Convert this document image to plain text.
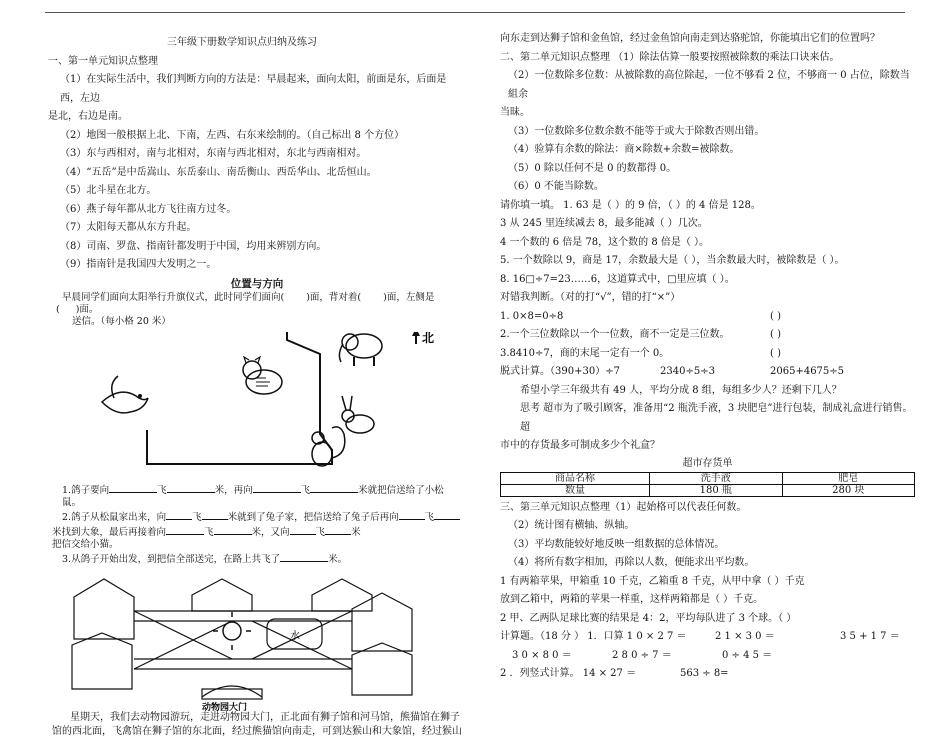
三年级下册数学知识点归纳及练习
一、第一单元知识点整理
（1）在实际生活中，我们判断方向的方法是：早晨起来，面向太阳，前面是东，后面是西，左边
是北，右边是南。
（2）地图一般根据上北、下南，左西、右东来绘制的。（自己标出 8 个方位）
（3）东与西相对，南与北相对，东南与西北相对，东北与西南相对。
（4）“五岳”是中岳嵩山、东岳泰山、南岳衡山、西岳华山、北岳恒山。
（5）北斗星在北方。
（6）燕子每年都从北方飞往南方过冬。
（7）太阳每天都从东方升起。
（8）司南、罗盘、指南针都发明于中国，均用来辨别方向。
（9）指南针是我国四大发明之一。
位置与方向
早晨同学们面向太阳举行升旗仪式，此时同学们面向( )面，背对着( )面，左侧是
( )面。
送信。（每小格 20 米）
北
1.鸽子要向	飞	米，再向	飞	米就把信送给了小松鼠。
2.鸽子从松鼠家出来，向	飞	米就到了兔子家，把信送给了兔子后再向	飞
米找到大象，最后再接着向	飞	米，又向	飞	米
把信交给小猫。
3.从鸽子开始出发，到把信全部送完，在路上共飞了	米。
水
动物园大门
星期天，我们去动物园游玩，走进动物园大门，正北面有狮子馆和河马馆，熊猫馆在狮子
馆的西北面，飞禽馆在狮子馆的东北面，经过熊猫馆向南走，可到达猴山和大象馆，经过猴山
向东走到达狮子馆和金鱼馆，经过金鱼馆向南走到达骆驼馆，你能填出它们的位置吗？
二、第二单元知识点整理 （1）除法估算一般要按照被除数的乘法口诀来估。
（2）一位数除多位数：从被除数的高位除起，一位不够看 2 位，不够商一 0 占位，除数当組余
当昧。
（3）一位数除多位数余数不能等于或大于除数否则出错。
（4）验算有余数的除法：商×除数+余数=被除数。
（5）0 除以任何不是 0 的数都得 0。
（6）0 不能当除数。
请你填一填。 1. 63 是（ ）的 9 倍，（ ）的 4 倍是 128。
3 从 245 里连续减去 8，最多能减（ ）几次。
4 一个数的 6 倍是 78，这个数的 8 倍是（ ）。
5. 一个数除以 9，商是 17，余数最大是（ ），当余数最大时，被除数是（ ）。
8. 16□÷7=23……6，这道算式中，□里应填（ ）。
对错我判断。（对的打“√”，错的打“×”）
1. 0×8=0÷8	( )
2.一个三位数除以一个一位数，商不一定是三位数。	( )
3.8410÷7，商的末尾一定有一个 0。	( )
脱式计算。（390+30）÷7	2340÷5÷3	2065+4675÷5
希望小学三年级共有 49 人，平均分成 8 组，每组多少人？还剩下几人？
思考 超市为了吸引顾客，准备用“2 瓶洗手液，3 块肥皂”进行包装，制成礼盒进行销售。超
市中的存货最多可制成多少个礼盒？
超市存货单
商品名称	洗手液	肥皂
数量	180 瓶	280 块
三、第三单元知识点整理（1）起始格可以代表任何数。
（2）统计图有横轴、纵轴。
（3）平均数能较好地反映一组数据的总体情况。
（4）将所有数字相加，再除以人数，便能求出平均数。
1 有两箱苹果，甲箱重 10 千克，乙箱重 8 千克，从甲中拿（ ）千克
放到乙箱中，两箱的苹果一样重，这样两箱都是（ ）千克。
2 甲、乙两队足球比赛的结果是 4：2，平均每队进了 3 个球。（ ）
计算题。（18 分 ） 1．口算 1 0 × 2 7 ＝	2 1 × 3 0 ＝	3 5 + 1 7 ＝
3 0 × 8 0 ＝	2 8 0 ÷ 7 ＝	0 ÷ 4 5 ＝
2 ．列竖式计算。 14 × 27 ＝	563 ÷ 8=
